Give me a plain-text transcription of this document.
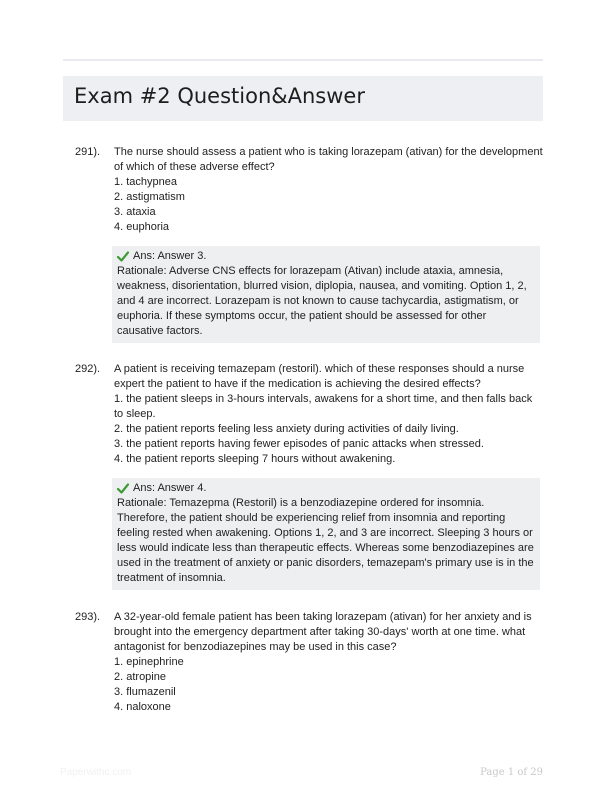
Exam #2 Question&Answer
291). The nurse should assess a patient who is taking lorazepam (ativan) for the development of which of these adverse effect?

1. tachypnea
2. astigmatism
3. ataxia
4. euphoria
Ans: Answer 3.
Rationale: Adverse CNS effects for lorazepam (Ativan) include ataxia, amnesia, weakness, disorientation, blurred vision, diplopia, nausea, and vomiting. Option 1, 2, and 4 are incorrect. Lorazepam is not known to cause tachycardia, astigmatism, or euphoria. If these symptoms occur, the patient should be assessed for other causative factors.
292). A patient is receiving temazepam (restoril). which of these responses should a nurse expert the patient to have if the medication is achieving the desired effects?

1. the patient sleeps in 3-hours intervals, awakens for a short time, and then falls back to sleep.
2. the patient reports feeling less anxiety during activities of daily living.
3. the patient reports having fewer episodes of panic attacks when stressed.
4. the patient reports sleeping 7 hours without awakening.
Ans: Answer 4.
Rationale: Temazepma (Restoril) is a benzodiazepine ordered for insomnia. Therefore, the patient should be experiencing relief from insomnia and reporting feeling rested when awakening. Options 1, 2, and 3 are incorrect. Sleeping 3 hours or less would indicate less than therapeutic effects. Whereas some benzodiazepines are used in the treatment of anxiety or panic disorders, temazepam's primary use is in the treatment of insomnia.
293). A 32-year-old female patient has been taking lorazepam (ativan) for her anxiety and is brought into the emergency department after taking 30-days' worth at one time. what antagonist for benzodiazepines may be used in this case?

1. epinephrine
2. atropine
3. flumazenil
4. naloxone
Paperwithc.com	Page 1 of 29
